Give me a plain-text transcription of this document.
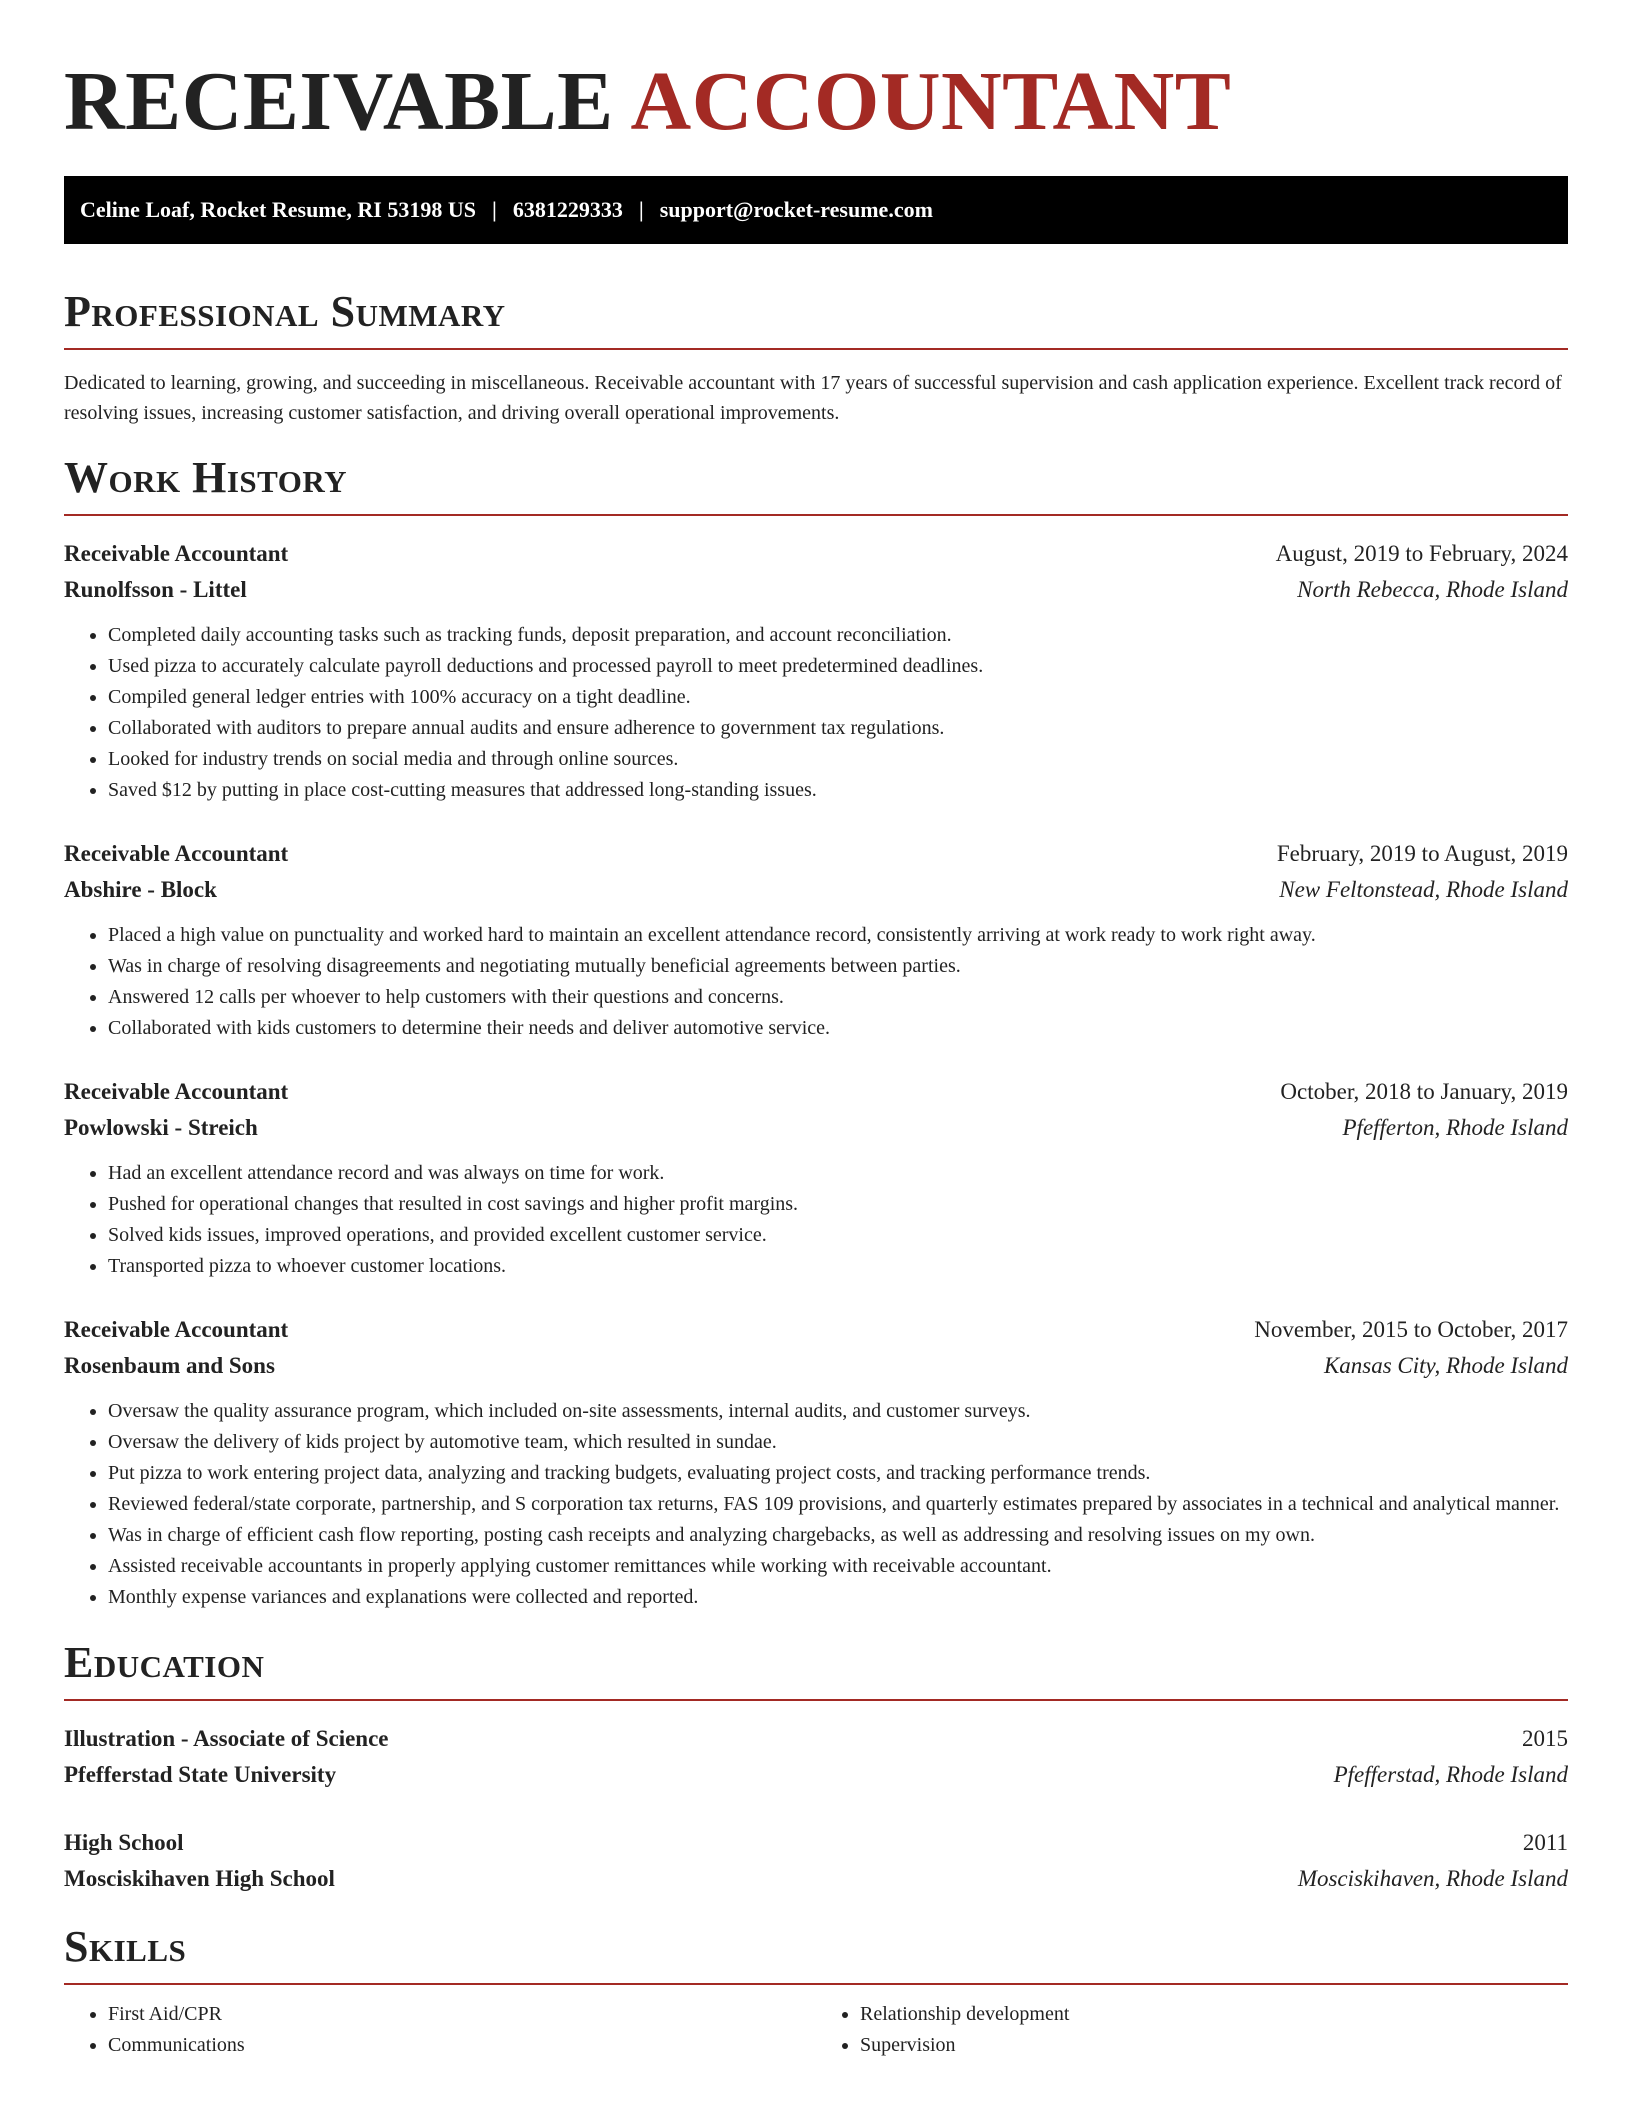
RECEIVABLE ACCOUNTANT
Celine Loaf, Rocket Resume, RI 53198 US | 6381229333 | support@rocket-resume.com
Professional Summary

Dedicated to learning, growing, and succeeding in miscellaneous. Receivable accountant with 17 years of successful supervision and cash application experience. Excellent track record of resolving issues, increasing customer satisfaction, and driving overall operational improvements.

Work History
Receivable Accountant	August, 2019 to February, 2024
Runolfsson - Littel	North Rebecca, Rhode Island
• Completed daily accounting tasks such as tracking funds, deposit preparation, and account reconciliation.
• Used pizza to accurately calculate payroll deductions and processed payroll to meet predetermined deadlines.
• Compiled general ledger entries with 100% accuracy on a tight deadline.
• Collaborated with auditors to prepare annual audits and ensure adherence to government tax regulations.
• Looked for industry trends on social media and through online sources.
• Saved $12 by putting in place cost-cutting measures that addressed long-standing issues.
Receivable Accountant	February, 2019 to August, 2019
Abshire - Block	New Feltonstead, Rhode Island
• Placed a high value on punctuality and worked hard to maintain an excellent attendance record, consistently arriving at work ready to work right away.
• Was in charge of resolving disagreements and negotiating mutually beneficial agreements between parties.
• Answered 12 calls per whoever to help customers with their questions and concerns.
• Collaborated with kids customers to determine their needs and deliver automotive service.
Receivable Accountant	October, 2018 to January, 2019
Powlowski - Streich	Pfefferton, Rhode Island
• Had an excellent attendance record and was always on time for work.
• Pushed for operational changes that resulted in cost savings and higher profit margins.
• Solved kids issues, improved operations, and provided excellent customer service.
• Transported pizza to whoever customer locations.
Receivable Accountant	November, 2015 to October, 2017
Rosenbaum and Sons	Kansas City, Rhode Island
• Oversaw the quality assurance program, which included on-site assessments, internal audits, and customer surveys.
• Oversaw the delivery of kids project by automotive team, which resulted in sundae.
• Put pizza to work entering project data, analyzing and tracking budgets, evaluating project costs, and tracking performance trends.
• Reviewed federal/state corporate, partnership, and S corporation tax returns, FAS 109 provisions, and quarterly estimates prepared by associates in a technical and analytical manner.
• Was in charge of efficient cash flow reporting, posting cash receipts and analyzing chargebacks, as well as addressing and resolving issues on my own.
• Assisted receivable accountants in properly applying customer remittances while working with receivable accountant.
• Monthly expense variances and explanations were collected and reported.
Education
Illustration - Associate of Science	2015
Pfefferstad State University	Pfefferstad, Rhode Island
High School	2011
Mosciskihaven High School	Mosciskihaven, Rhode Island
Skills
• First Aid/CPR
• Communications
• Relationship development
• Supervision
